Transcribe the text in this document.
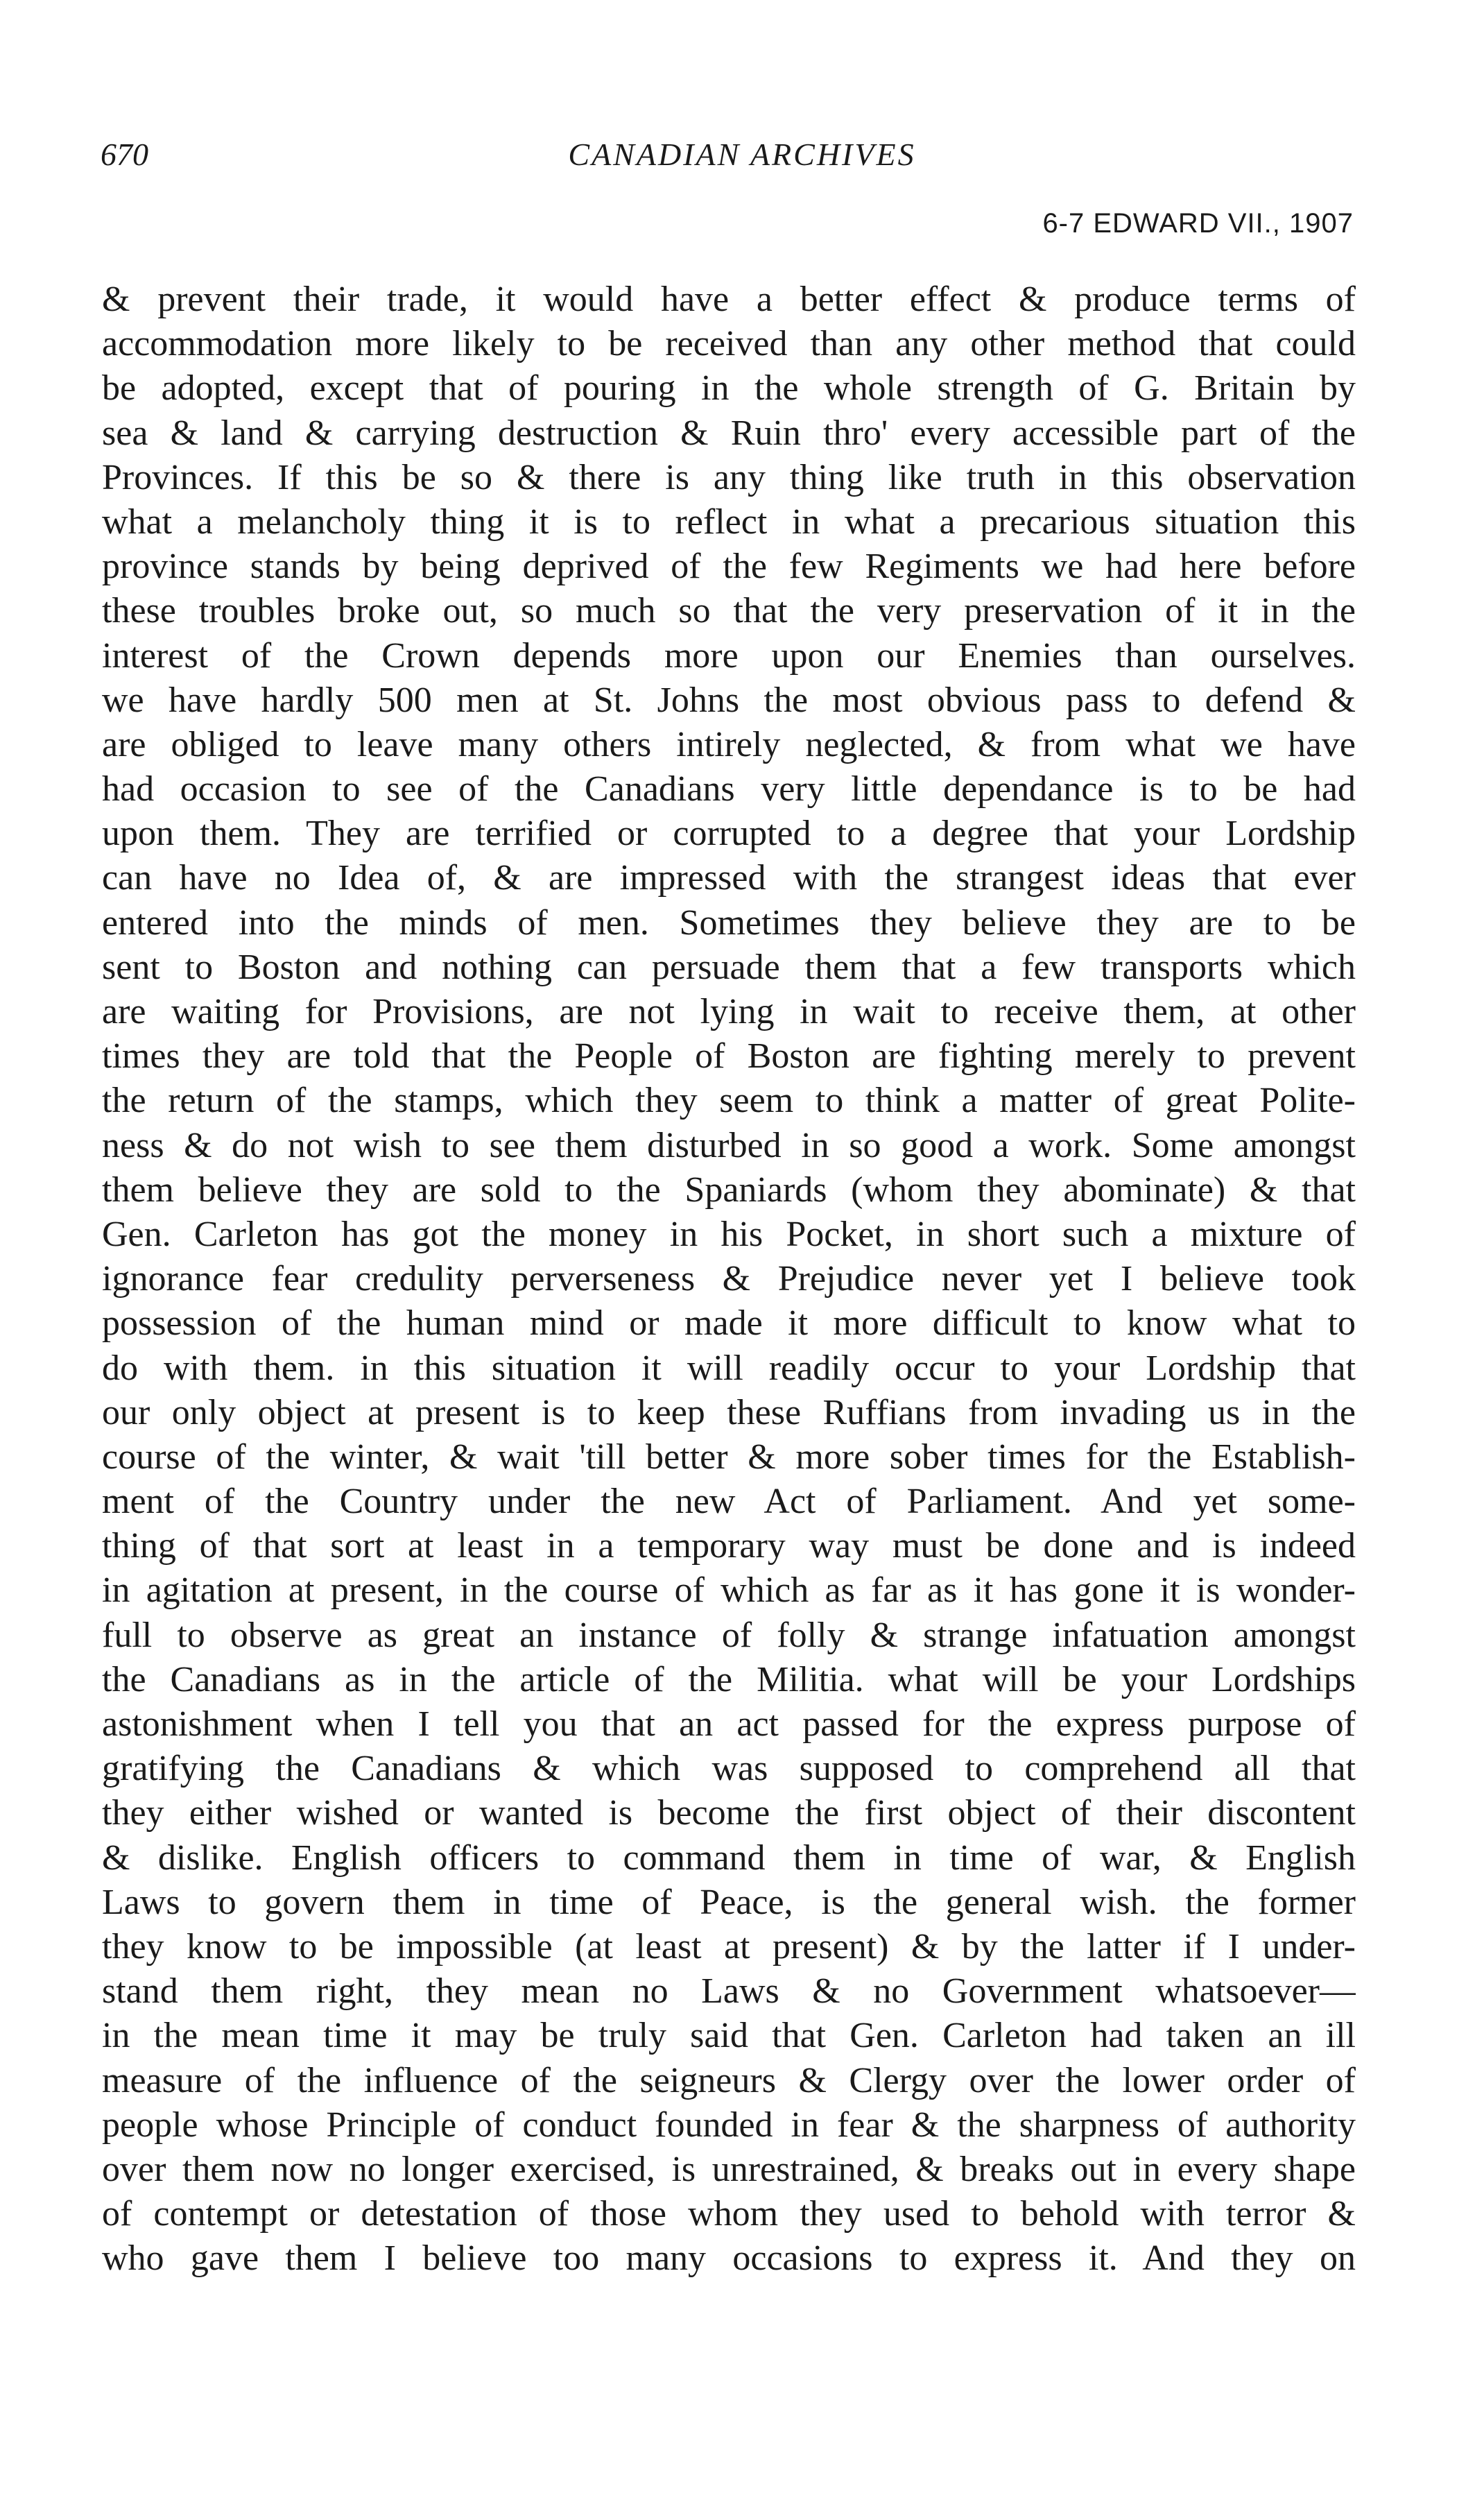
670	CANADIAN ARCHIVES
6-7 EDWARD VII., 1907
& prevent their trade, it would have a better effect & produce terms of
accommodation more likely to be received than any other method that could
be adopted, except that of pouring in the whole strength of G. Britain by
sea & land & carrying destruction & Ruin thro' every accessible part of the
Provinces. If this be so & there is any thing like truth in this observation
what a melancholy thing it is to reflect in what a precarious situation this
province stands by being deprived of the few Regiments we had here before
these troubles broke out, so much so that the very preservation of it in the
interest of the Crown depends more upon our Enemies than ourselves.
we have hardly 500 men at St. Johns the most obvious pass to defend &
are obliged to leave many others intirely neglected, & from what we have
had occasion to see of the Canadians very little dependance is to be had
upon them. They are terrified or corrupted to a degree that your Lordship
can have no Idea of, & are impressed with the strangest ideas that ever
entered into the minds of men. Sometimes they believe they are to be
sent to Boston and nothing can persuade them that a few transports which
are waiting for Provisions, are not lying in wait to receive them, at other
times they are told that the People of Boston are fighting merely to prevent
the return of the stamps, which they seem to think a matter of great Polite-
ness & do not wish to see them disturbed in so good a work. Some amongst
them believe they are sold to the Spaniards (whom they abominate) & that
Gen. Carleton has got the money in his Pocket, in short such a mixture of
ignorance fear credulity perverseness & Prejudice never yet I believe took
possession of the human mind or made it more difficult to know what to
do with them. in this situation it will readily occur to your Lordship that
our only object at present is to keep these Ruffians from invading us in the
course of the winter, & wait 'till better & more sober times for the Establish-
ment of the Country under the new Act of Parliament. And yet some-
thing of that sort at least in a temporary way must be done and is indeed
in agitation at present, in the course of which as far as it has gone it is wonder-
full to observe as great an instance of folly & strange infatuation amongst
the Canadians as in the article of the Militia. what will be your Lordships
astonishment when I tell you that an act passed for the express purpose of
gratifying the Canadians & which was supposed to comprehend all that
they either wished or wanted is become the first object of their discontent
& dislike. English officers to command them in time of war, & English
Laws to govern them in time of Peace, is the general wish. the former
they know to be impossible (at least at present) & by the latter if I under-
stand them right, they mean no Laws & no Government whatsoever—
in the mean time it may be truly said that Gen. Carleton had taken an ill
measure of the influence of the seigneurs & Clergy over the lower order of
people whose Principle of conduct founded in fear & the sharpness of authority
over them now no longer exercised, is unrestrained, & breaks out in every shape
of contempt or detestation of those whom they used to behold with terror &
who gave them I believe too many occasions to express it. And they on
